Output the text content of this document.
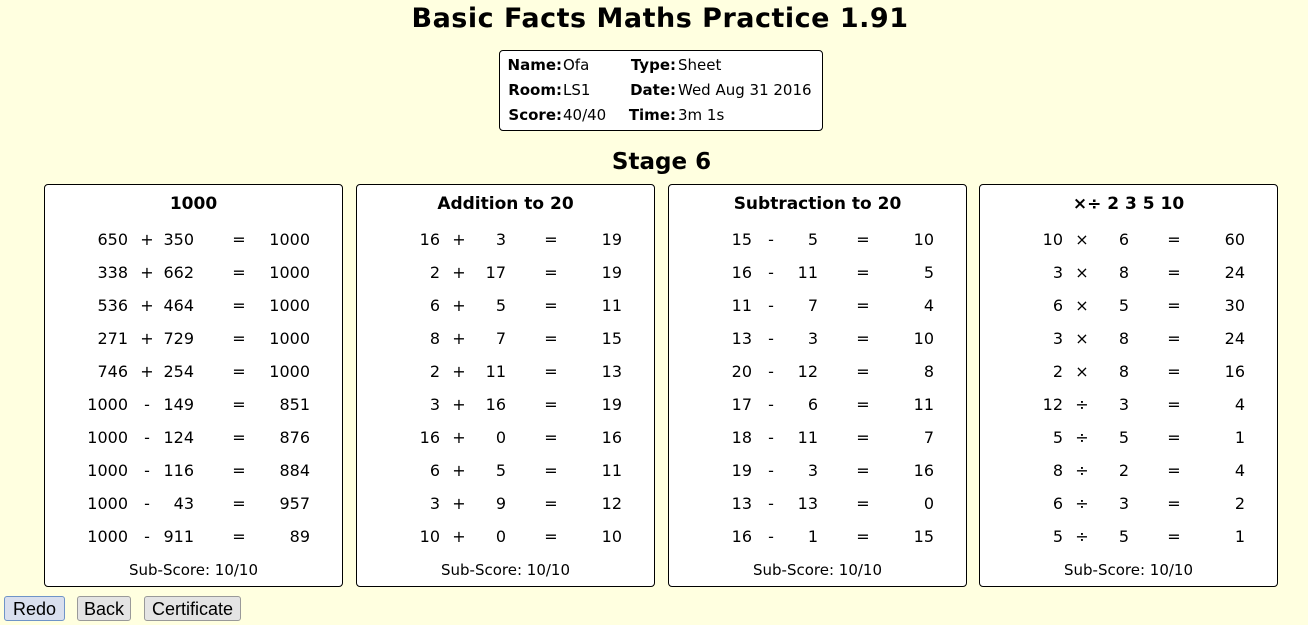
Basic Facts Maths Practice 1.91
Name: Ofa	Type: Sheet
Room: LS1	Date: Wed Aug 31 2016
Score: 40/40	Time: 3m 1s
Stage 6
1000
650 + 350 = 1000
338 + 662 = 1000
536 + 464 = 1000
271 + 729 = 1000
746 + 254 = 1000
1000	- 149 = 851
1000	- 124 = 876
1000	- 116 = 884
1000	-	43 = 957
1000	- 911 =	89
Sub-Score: 10/10
Addition to 20
16 + 3 =	19
2 + 17 =	19
6 + 5 =	11
8 + 7 =	15
2 + 11 =	13
3 + 16 =	19
16 + 0 =	16
6 + 5 =	11
3 + 9 =	12
10 + 0 =	10
Sub-Score: 10/10
Subtraction to 20
15	-	5 =	10
16	-	11 =	5
11	-	7 =	4
13	-	3 =	10
20	-	12 =	8
17	-	6 =	11
18	-	11 =	7
19	-	3 =	16
13	-	13 =	0
16	-	1 =	15
Sub-Score: 10/10
×÷ 2 3 5 10
10 × 6 =	60
3 × 8 =	24
6 × 5 =	30
3 × 8 =	24
2 × 8 =	16
12 ÷ 3 =	4
5 ÷ 5 =	1
8 ÷ 2 =	4
6 ÷ 3 =	2
5 ÷ 5 =	1
Sub-Score: 10/10
Redo	Back	Certificate
